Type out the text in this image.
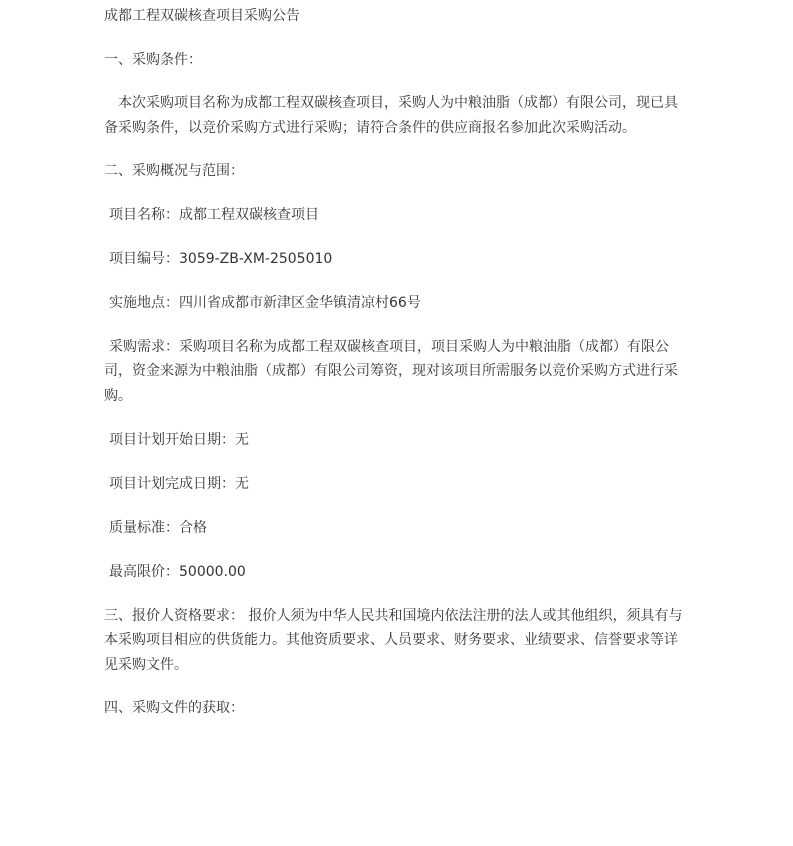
成都工程双碳核查项目采购公告

一、采购条件：

本次采购项目名称为成都工程双碳核查项目，采购人为中粮油脂（成都）有限公司，现已具备采购条件，以竞价采购方式进行采购；请符合条件的供应商报名参加此次采购活动。

二、采购概况与范围：

项目名称：成都工程双碳核查项目

项目编号：3059-ZB-XM-2505010

实施地点：四川省成都市新津区金华镇清凉村66号

采购需求：采购项目名称为成都工程双碳核查项目，项目采购人为中粮油脂（成都）有限公司，资金来源为中粮油脂（成都）有限公司筹资，现对该项目所需服务以竞价采购方式进行采购。

项目计划开始日期：无

项目计划完成日期：无

质量标准：合格

最高限价：50000.00

三、报价人资格要求： 报价人须为中华人民共和国境内依法注册的法人或其他组织，须具有与本采购项目相应的供货能力。其他资质要求、人员要求、财务要求、业绩要求、信誉要求等详见采购文件。

四、采购文件的获取：
